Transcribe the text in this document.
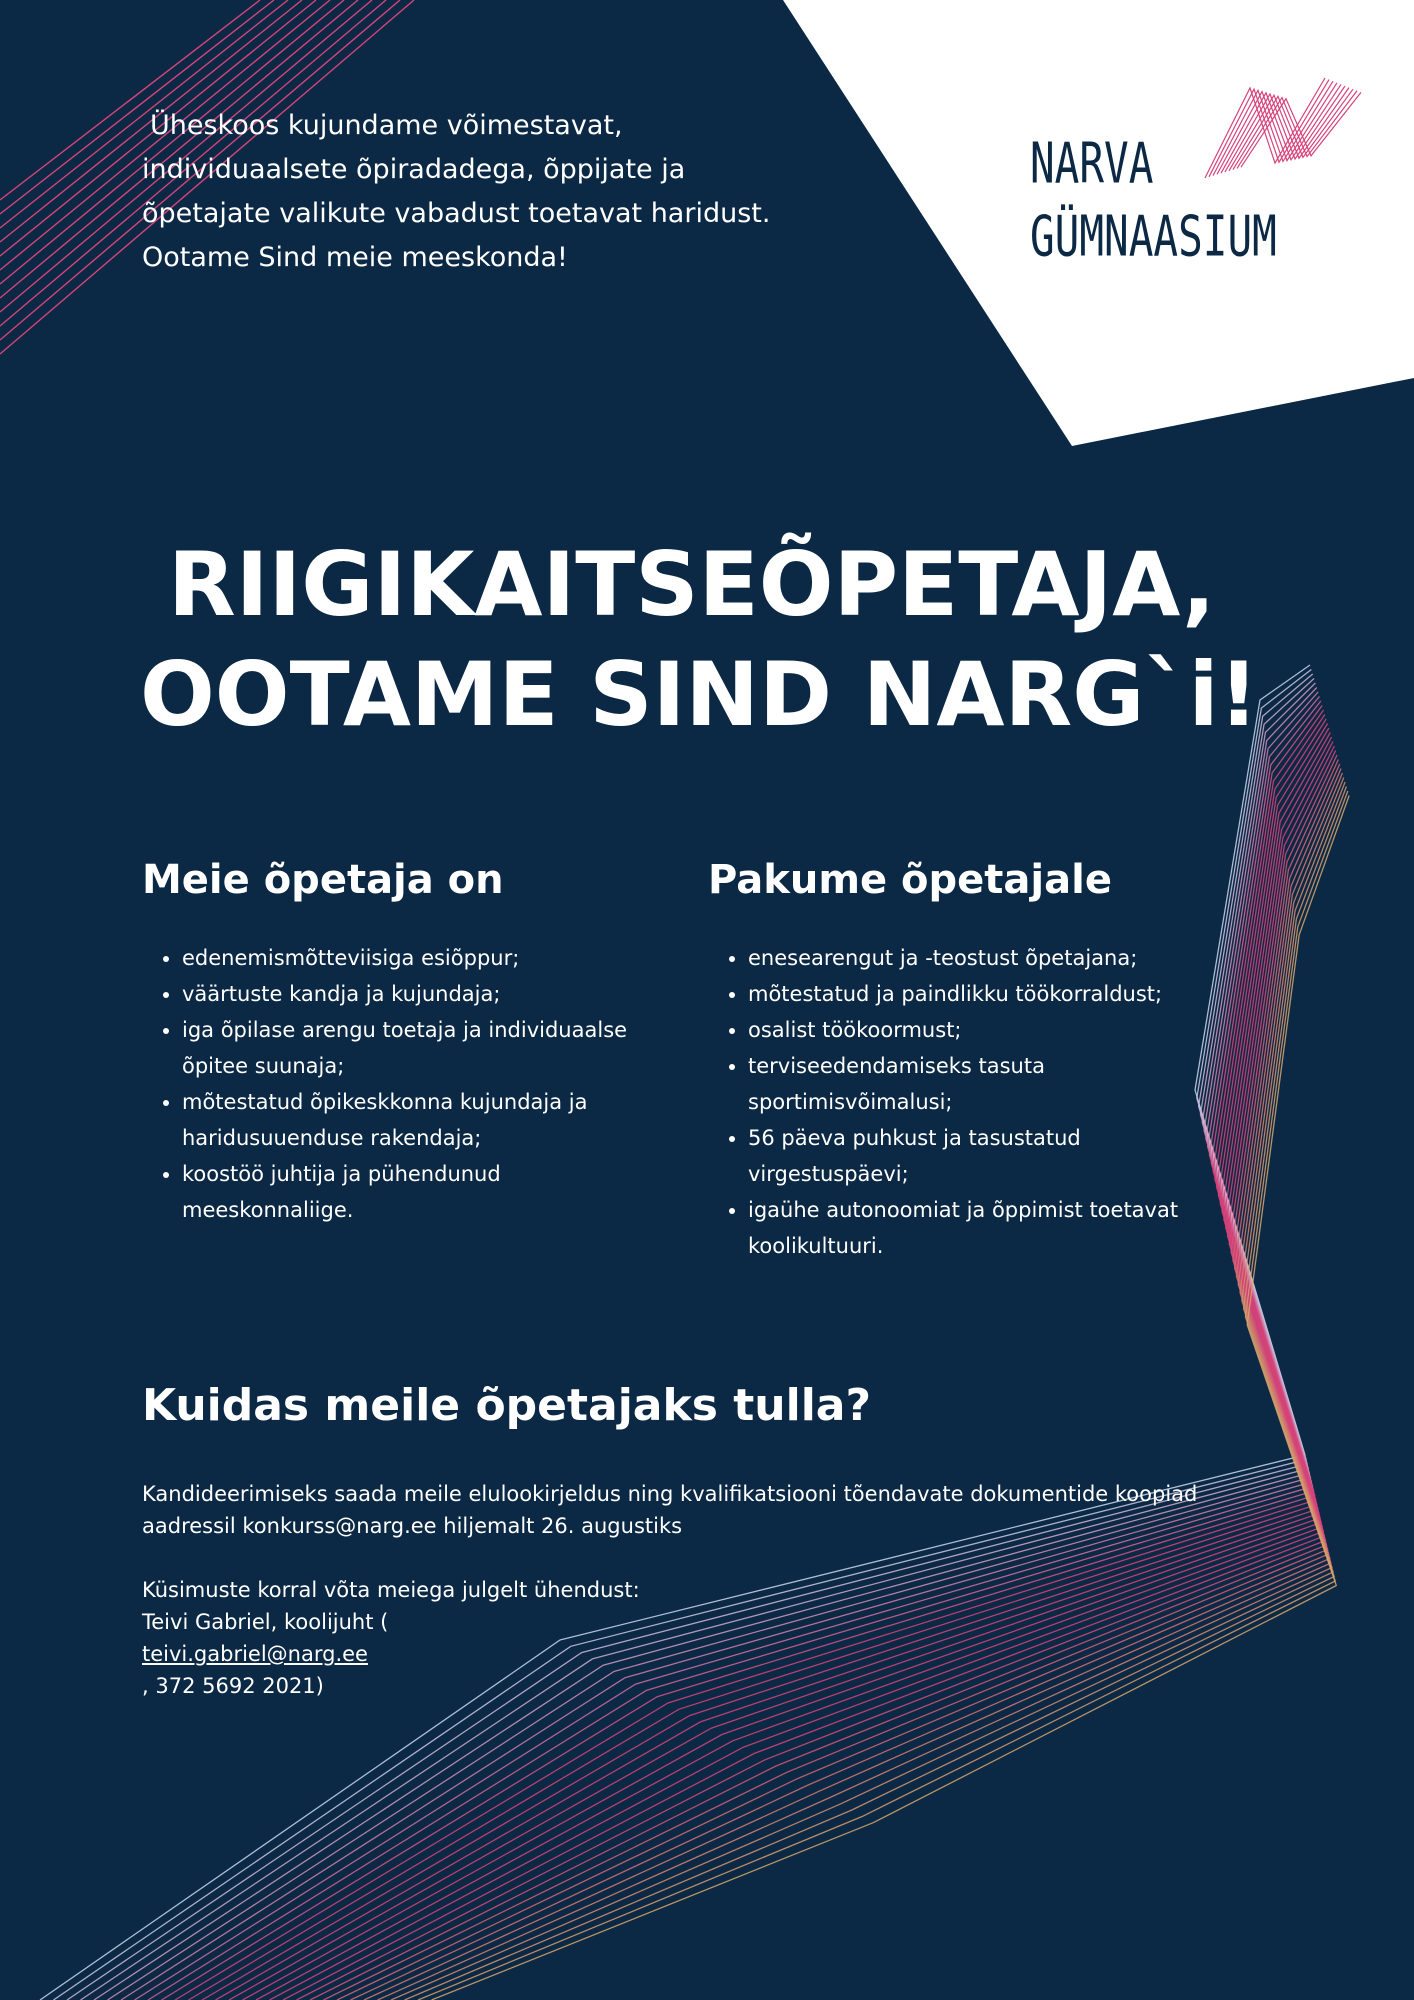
Üheskoos kujundame võimestavat,
individuaalsete õpiradadega, õppijate ja
õpetajate valikute vabadust toetavat haridust.
Ootame Sind meie meeskonda!
NARVA
GÜMNAASIUM
RIIGIKAITSEÕPETAJA,
OOTAME SIND NARG`i!
Meie õpetaja on
• edenemismõtteviisiga esiõppur;
• väärtuste kandja ja kujundaja;
• iga õpilase arengu toetaja ja individuaalse
õpitee suunaja;
• mõtestatud õpikeskkonna kujundaja ja
haridusuuenduse rakendaja;
• koostöö juhtija ja pühendunud
meeskonnaliige.
Pakume õpetajale
• enesearengut ja -teostust õpetajana;
• mõtestatud ja paindlikku töökorraldust;
• osalist töökoormust;
• terviseedendamiseks tasuta
sportimisvõimalusi;
• 56 päeva puhkust ja tasustatud
virgestuspäevi;
• igaühe autonoomiat ja õppimist toetavat
koolikultuuri.
Kuidas meile õpetajaks tulla?

Kandideerimiseks saada meile elulookirjeldus ning kvalifikatsiooni tõendavate dokumentide koopiad
aadressil konkurss@narg.ee hiljemalt 26. augustiks

Küsimuste korral võta meiega julgelt ühendust:
Teivi Gabriel, koolijuht (
teivi.gabriel@narg.ee
, 372 5692 2021)
